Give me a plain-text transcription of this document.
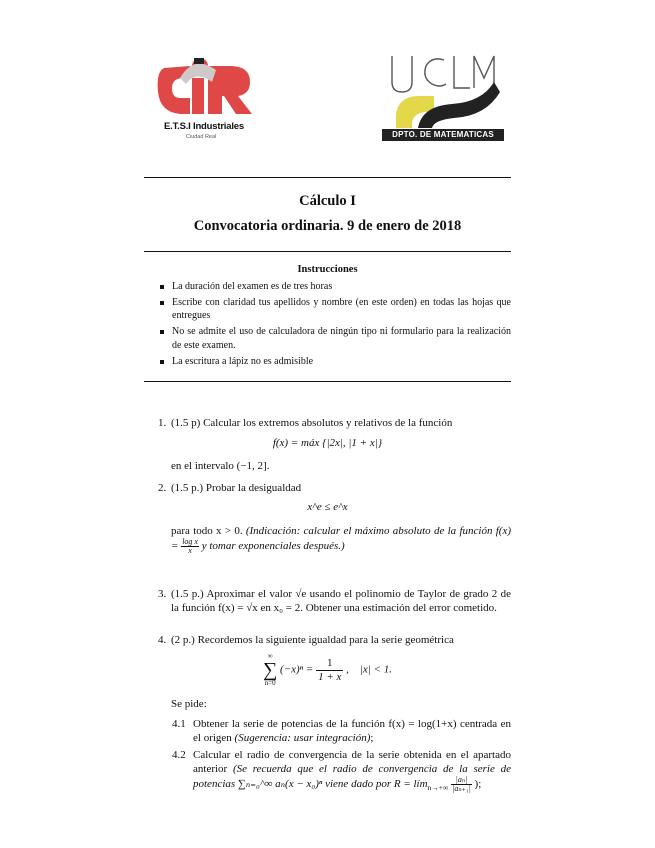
E.T.S.I Industriales
Ciudad Real	DPTO. DE MATEMATICAS
Cálculo I
Convocatoria ordinaria. 9 de enero de 2018
Instrucciones
La duración del examen es de tres horas
Escribe con claridad tus apellidos y nombre (en este orden) en todas las hojas que entregues
No se admite el uso de calculadora de ningún tipo ni formulario para la realización de este examen.
La escritura a lápiz no es admisible
1. (1.5 p) Calcular los extremos absolutos y relativos de la función
f(x) = máx {|2x|, |1 + x|}
en el intervalo (−1, 2].
2. (1.5 p.) Probar la desigualdad
x^e ≤ e^x
para todo x > 0. (Indicación: calcular el máximo absoluto de la función $f(x) = \frac{\text{log x}}{x}$ y tomar exponenciales después.)
3. (1.5 p.) Aproximar el valor √e usando el polinomio de Taylor de grado 2 de la función f(x) = √x en x₀ = 2. Obtener una estimación del error cometido.
4. (2 p.) Recordemos la siguiente igualdad para la serie geométrica
∞
∑
n=0
$(-x)^n = \frac{1}{1 + x}$ ,    |x| < 1.
Se pide:
4.1 Obtener la serie de potencias de la función f(x) = log(1+x) centrada en el origen (Sugerencia: usar integración);
4.2 Calcular el radio de convergencia de la serie obtenida en el apartado anterior (Se recuerda que el radio de convergencia de la serie de potencias ∑ₙ₌₀^∞ aₙ(x − x₀)ⁿ viene dado por R = lím$_{n\to+\infty}$ $\frac{\text{|aₙ|}}{\text{|aₙ₊₁|}}$ );
